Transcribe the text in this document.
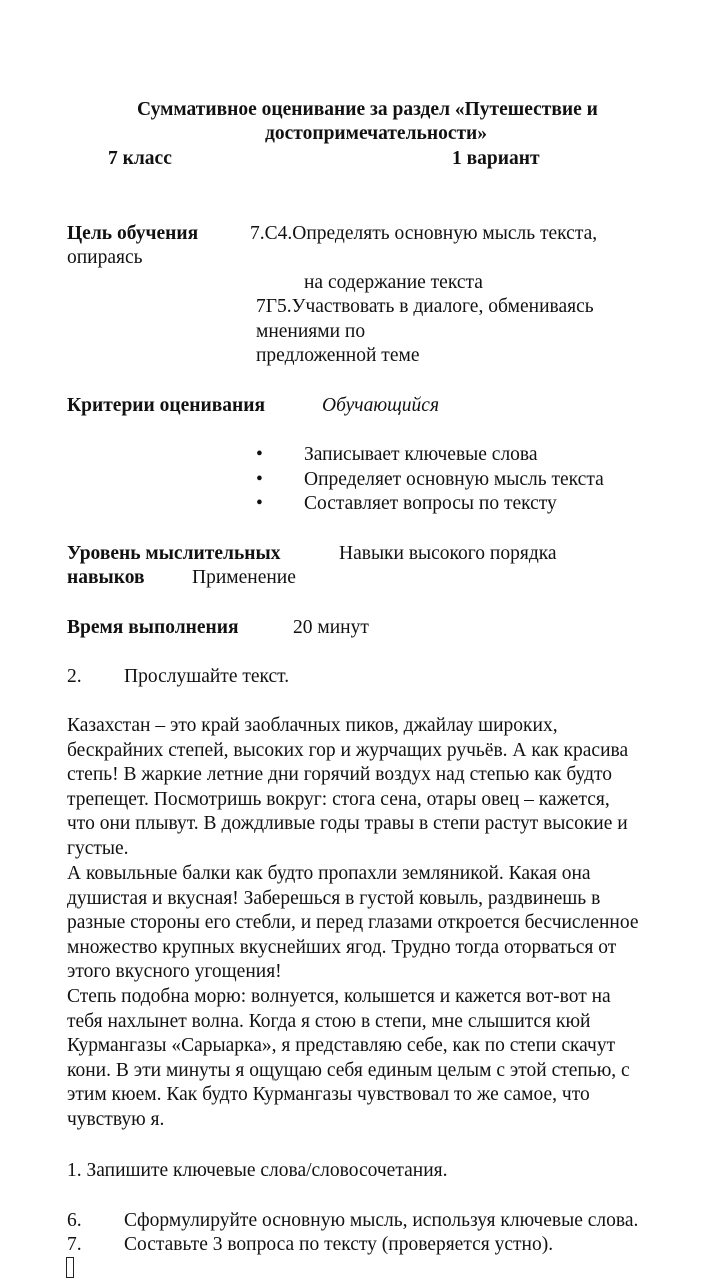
Суммативное оценивание за раздел «Путешествие и
достопримечательности»
7 класс	1 вариант
Цель обучения	7.С4.Определять основную мысль текста,
опираясь
на содержание текста
7Г5.Участвовать в диалоге, обмениваясь
мнениями по
предложенной теме
Критерии оценивания	Обучающийся
• Записывает ключевые слова
• Определяет основную мысль текста
• Составляет вопросы по тексту
Уровень мыслительных	Навыки высокого порядка
навыков Применение
Время выполнения	20 минут
2. Прослушайте текст.
Казахстан – это край заоблачных пиков, джайлау широких,
бескрайних степей, высоких гор и журчащих ручьёв. А как красива
степь! В жаркие летние дни горячий воздух над степью как будто
трепещет. Посмотришь вокруг: стога сена, отары овец – кажется,
что они плывут. В дождливые годы травы в степи растут высокие и
густые.
А ковыльные балки как будто пропахли земляникой. Какая она
душистая и вкусная! Заберешься в густой ковыль, раздвинешь в
разные стороны его стебли, и перед глазами откроется бесчисленное
множество крупных вкуснейших ягод. Трудно тогда оторваться от
этого вкусного угощения!
Степь подобна морю: волнуется, колышется и кажется вот-вот на
тебя нахлынет волна. Когда я стою в степи, мне слышится кюй
Курмангазы «Сарыарка», я представляю себе, как по степи скачут
кони. В эти минуты я ощущаю себя единым целым с этой степью, с
этим кюем. Как будто Курмангазы чувствовал то же самое, что
чувствую я.
1. Запишите ключевые слова/словосочетания.
6. Сформулируйте основную мысль, используя ключевые слова.
7. Составьте 3 вопроса по тексту (проверяется устно).
